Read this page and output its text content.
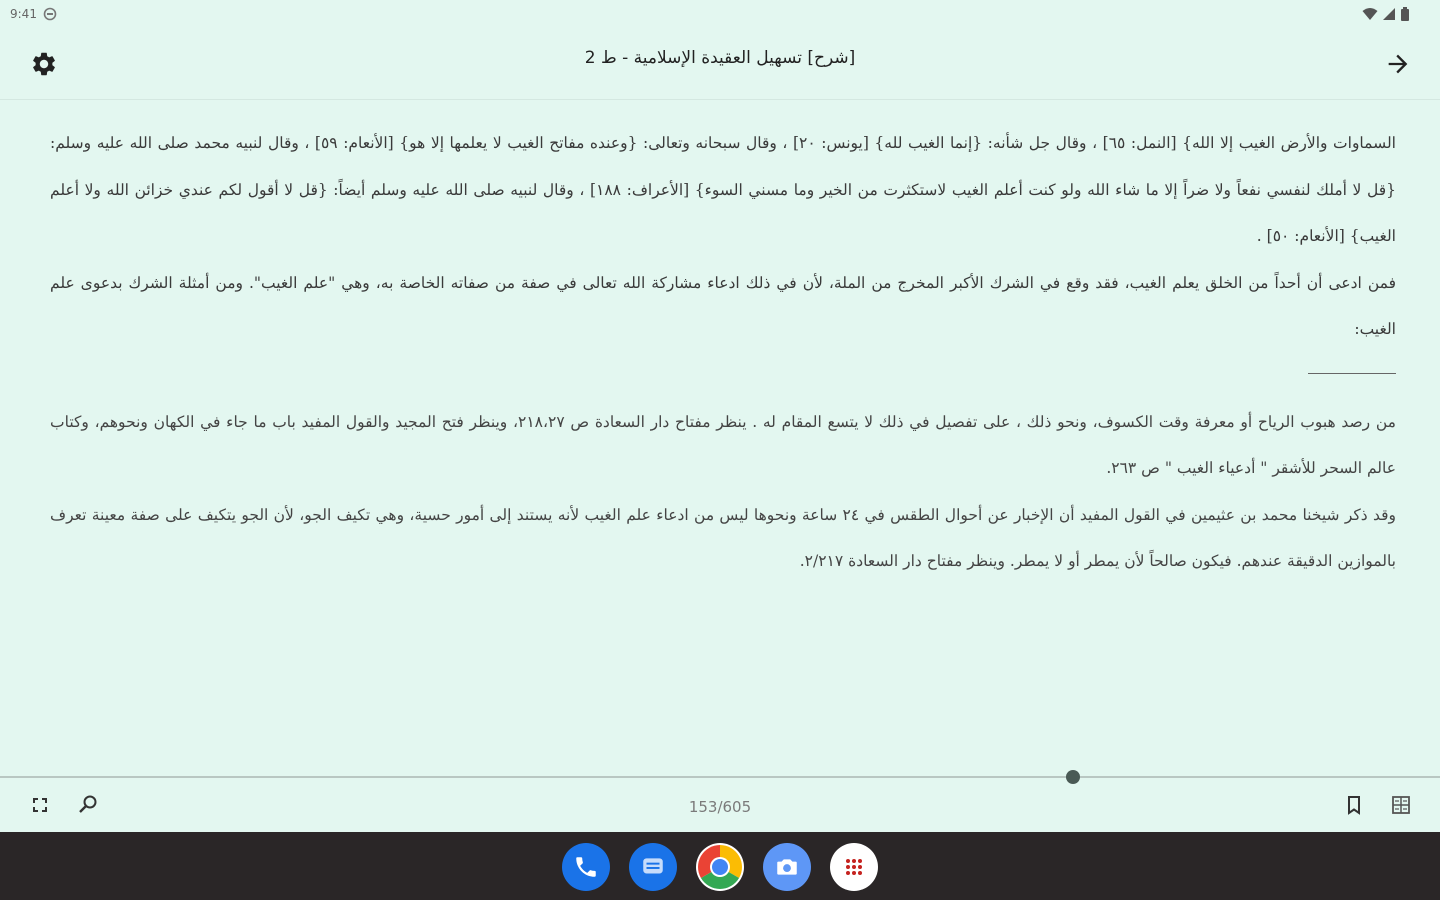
9:41
[شرح] تسهيل العقيدة الإسلامية - ط 2

السماوات والأرض الغيب إلا الله} [النمل: ٦٥] ، وقال جل شأنه: {إنما الغيب لله} [يونس: ٢٠] ، وقال سبحانه وتعالى: {وعنده مفاتح الغيب لا يعلمها إلا هو} [الأنعام: ٥٩] ، وقال لنبيه محمد صلى الله عليه وسلم: {قل لا أملك لنفسي نفعاً ولا ضراً إلا ما شاء الله ولو كنت أعلم الغيب لاستكثرت من الخير وما مسني السوء} [الأعراف: ١٨٨] ، وقال لنبيه صلى الله عليه وسلم أيضاً: {قل لا أقول لكم عندي خزائن الله ولا أعلم الغيب} [الأنعام: ٥٠] .

فمن ادعى أن أحداً من الخلق يعلم الغيب، فقد وقع في الشرك الأكبر المخرج من الملة، لأن في ذلك ادعاء مشاركة الله تعالى في صفة من صفاته الخاصة به، وهي "علم الغيب". ومن أمثلة الشرك بدعوى علم الغيب:

من رصد هبوب الرياح أو معرفة وقت الكسوف، ونحو ذلك ، على تفصيل في ذلك لا يتسع المقام له . ينظر مفتاح دار السعادة ص ٢١٨،٢٧، وينظر فتح المجيد والقول المفيد باب ما جاء في الكهان ونحوهم، وكتاب عالم السحر للأشقر " أدعياء الغيب " ص ٢٦٣.

وقد ذكر شيخنا محمد بن عثيمين في القول المفيد أن الإخبار عن أحوال الطقس في ٢٤ ساعة ونحوها ليس من ادعاء علم الغيب لأنه يستند إلى أمور حسية، وهي تكيف الجو، لأن الجو يتكيف على صفة معينة تعرف بالموازين الدقيقة عندهم. فيكون صالحاً لأن يمطر أو لا يمطر. وينظر مفتاح دار السعادة ٢/٢١٧.

153/605
